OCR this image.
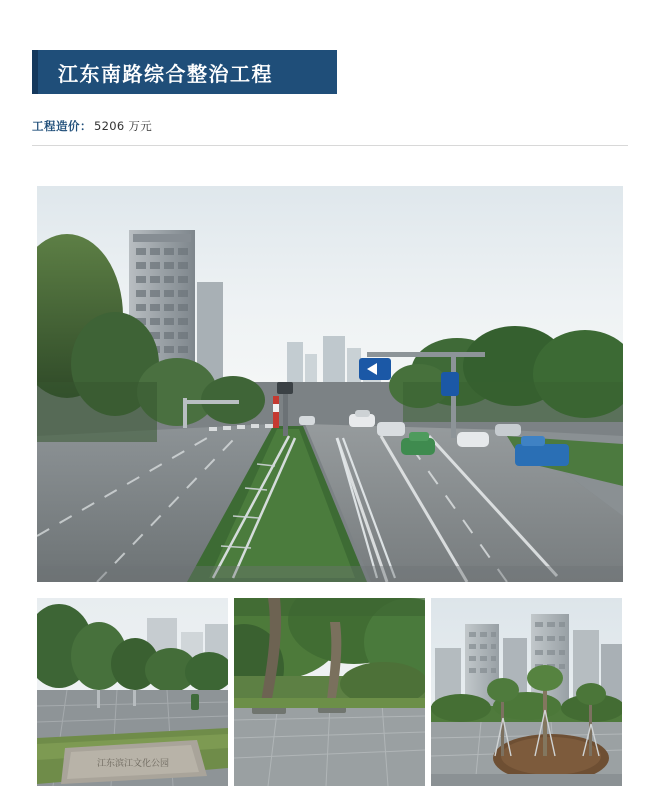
江东南路综合整治工程
工程造价： 5206 万元
江东滨江文化公园
